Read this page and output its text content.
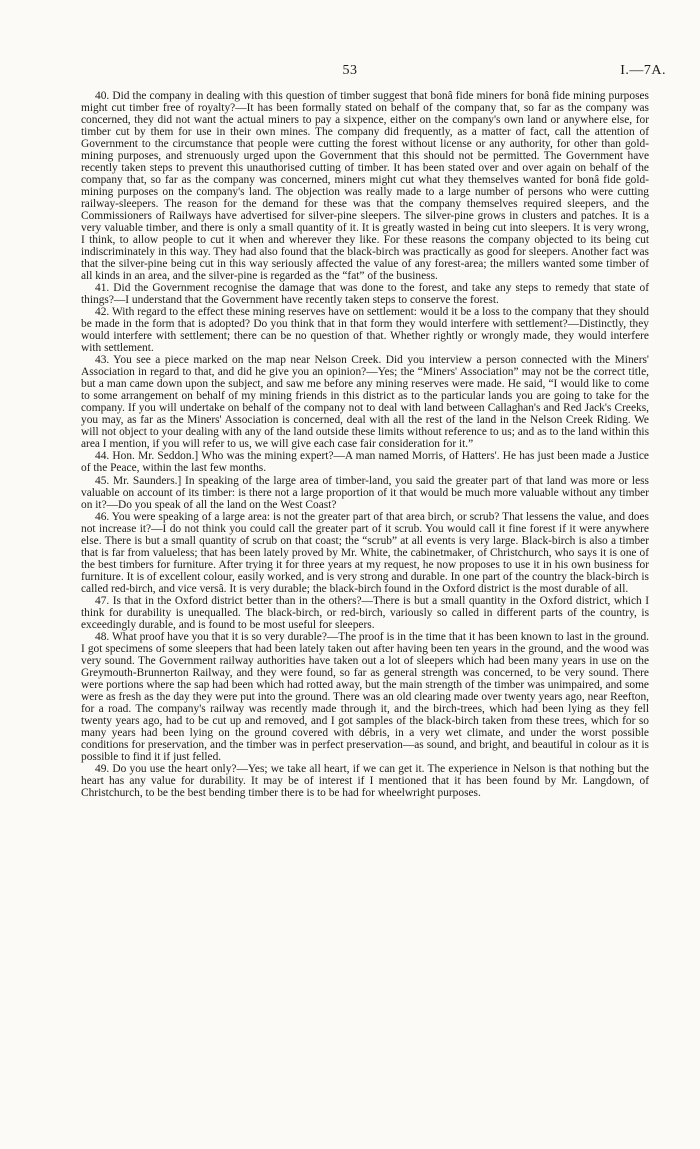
53	I.—7A.

40. Did the company in dealing with this question of timber suggest that bonâ fide miners for bonâ fide mining purposes might cut timber free of royalty?—It has been formally stated on behalf of the company that, so far as the company was concerned, they did not want the actual miners to pay a sixpence, either on the company's own land or anywhere else, for timber cut by them for use in their own mines. The company did frequently, as a matter of fact, call the attention of Government to the circumstance that people were cutting the forest without license or any authority, for other than gold-mining purposes, and strenuously urged upon the Government that this should not be permitted. The Government have recently taken steps to prevent this unauthorised cutting of timber. It has been stated over and over again on behalf of the company that, so far as the company was concerned, miners might cut what they themselves wanted for bonâ fide gold-mining purposes on the company's land. The objection was really made to a large number of persons who were cutting railway-sleepers. The reason for the demand for these was that the company themselves required sleepers, and the Commissioners of Railways have advertised for silver-pine sleepers. The silver-pine grows in clusters and patches. It is a very valuable timber, and there is only a small quantity of it. It is greatly wasted in being cut into sleepers. It is very wrong, I think, to allow people to cut it when and wherever they like. For these reasons the company objected to its being cut indiscriminately in this way. They had also found that the black-birch was practically as good for sleepers. Another fact was that the silver-pine being cut in this way seriously affected the value of any forest-area; the millers wanted some timber of all kinds in an area, and the silver-pine is regarded as the “fat” of the business.

41. Did the Government recognise the damage that was done to the forest, and take any steps to remedy that state of things?—I understand that the Government have recently taken steps to conserve the forest.

42. With regard to the effect these mining reserves have on settlement: would it be a loss to the company that they should be made in the form that is adopted? Do you think that in that form they would interfere with settlement?—Distinctly, they would interfere with settlement; there can be no question of that. Whether rightly or wrongly made, they would interfere with settlement.

43. You see a piece marked on the map near Nelson Creek. Did you interview a person connected with the Miners' Association in regard to that, and did he give you an opinion?—Yes; the “Miners' Association” may not be the correct title, but a man came down upon the subject, and saw me before any mining reserves were made. He said, “I would like to come to some arrangement on behalf of my mining friends in this district as to the particular lands you are going to take for the company. If you will undertake on behalf of the company not to deal with land between Callaghan's and Red Jack's Creeks, you may, as far as the Miners' Association is concerned, deal with all the rest of the land in the Nelson Creek Riding. We will not object to your dealing with any of the land outside these limits without reference to us; and as to the land within this area I mention, if you will refer to us, we will give each case fair consideration for it.”

44. Hon. Mr. Seddon.] Who was the mining expert?—A man named Morris, of Hatters'. He has just been made a Justice of the Peace, within the last few months.

45. Mr. Saunders.] In speaking of the large area of timber-land, you said the greater part of that land was more or less valuable on account of its timber: is there not a large proportion of it that would be much more valuable without any timber on it?—Do you speak of all the land on the West Coast?

46. You were speaking of a large area: is not the greater part of that area birch, or scrub? That lessens the value, and does not increase it?—I do not think you could call the greater part of it scrub. You would call it fine forest if it were anywhere else. There is but a small quantity of scrub on that coast; the “scrub” at all events is very large. Black-birch is also a timber that is far from valueless; that has been lately proved by Mr. White, the cabinetmaker, of Christchurch, who says it is one of the best timbers for furniture. After trying it for three years at my request, he now proposes to use it in his own business for furniture. It is of excellent colour, easily worked, and is very strong and durable. In one part of the country the black-birch is called red-birch, and vice versâ. It is very durable; the black-birch found in the Oxford district is the most durable of all.

47. Is that in the Oxford district better than in the others?—There is but a small quantity in the Oxford district, which I think for durability is unequalled. The black-birch, or red-birch, variously so called in different parts of the country, is exceedingly durable, and is found to be most useful for sleepers.

48. What proof have you that it is so very durable?—The proof is in the time that it has been known to last in the ground. I got specimens of some sleepers that had been lately taken out after having been ten years in the ground, and the wood was very sound. The Government railway authorities have taken out a lot of sleepers which had been many years in use on the Greymouth-Brunnerton Railway, and they were found, so far as general strength was concerned, to be very sound. There were portions where the sap had been which had rotted away, but the main strength of the timber was unimpaired, and some were as fresh as the day they were put into the ground. There was an old clearing made over twenty years ago, near Reefton, for a road. The company's railway was recently made through it, and the birch-trees, which had been lying as they fell twenty years ago, had to be cut up and removed, and I got samples of the black-birch taken from these trees, which for so many years had been lying on the ground covered with débris, in a very wet climate, and under the worst possible conditions for preservation, and the timber was in perfect preservation—as sound, and bright, and beautiful in colour as it is possible to find it if just felled.

49. Do you use the heart only?—Yes; we take all heart, if we can get it. The experience in Nelson is that nothing but the heart has any value for durability. It may be of interest if I mentioned that it has been found by Mr. Langdown, of Christchurch, to be the best bending timber there is to be had for wheelwright purposes.
